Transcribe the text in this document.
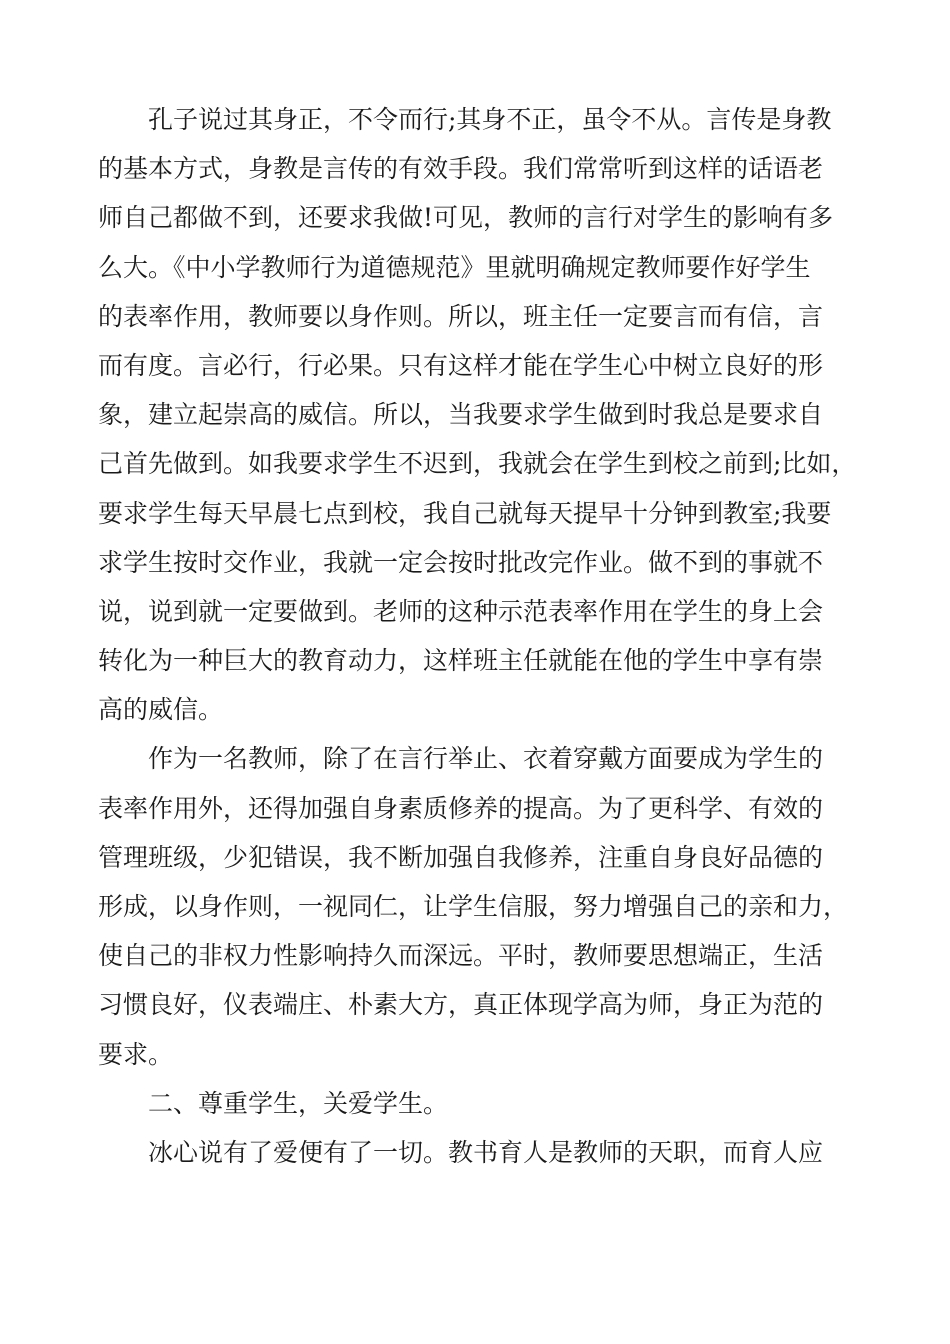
孔子说过其身正，不令而行;其身不正，虽令不从。言传是身教
的基本方式，身教是言传的有效手段。我们常常听到这样的话语老
师自己都做不到，还要求我做!可见，教师的言行对学生的影响有多
么大。《中小学教师行为道德规范》里就明确规定教师要作好学生
的表率作用，教师要以身作则。所以，班主任一定要言而有信，言
而有度。言必行，行必果。只有这样才能在学生心中树立良好的形
象，建立起崇高的威信。所以，当我要求学生做到时我总是要求自
己首先做到。如我要求学生不迟到，我就会在学生到校之前到;比如，
要求学生每天早晨七点到校，我自己就每天提早十分钟到教室;我要
求学生按时交作业，我就一定会按时批改完作业。做不到的事就不
说，说到就一定要做到。老师的这种示范表率作用在学生的身上会
转化为一种巨大的教育动力，这样班主任就能在他的学生中享有崇
高的威信。
作为一名教师，除了在言行举止、衣着穿戴方面要成为学生的
表率作用外，还得加强自身素质修养的提高。为了更科学、有效的
管理班级，少犯错误，我不断加强自我修养，注重自身良好品德的
形成，以身作则，一视同仁，让学生信服，努力增强自己的亲和力，
使自己的非权力性影响持久而深远。平时，教师要思想端正，生活
习惯良好，仪表端庄、朴素大方，真正体现学高为师，身正为范的
要求。
二、尊重学生，关爱学生。
冰心说有了爱便有了一切。教书育人是教师的天职，而育人应
